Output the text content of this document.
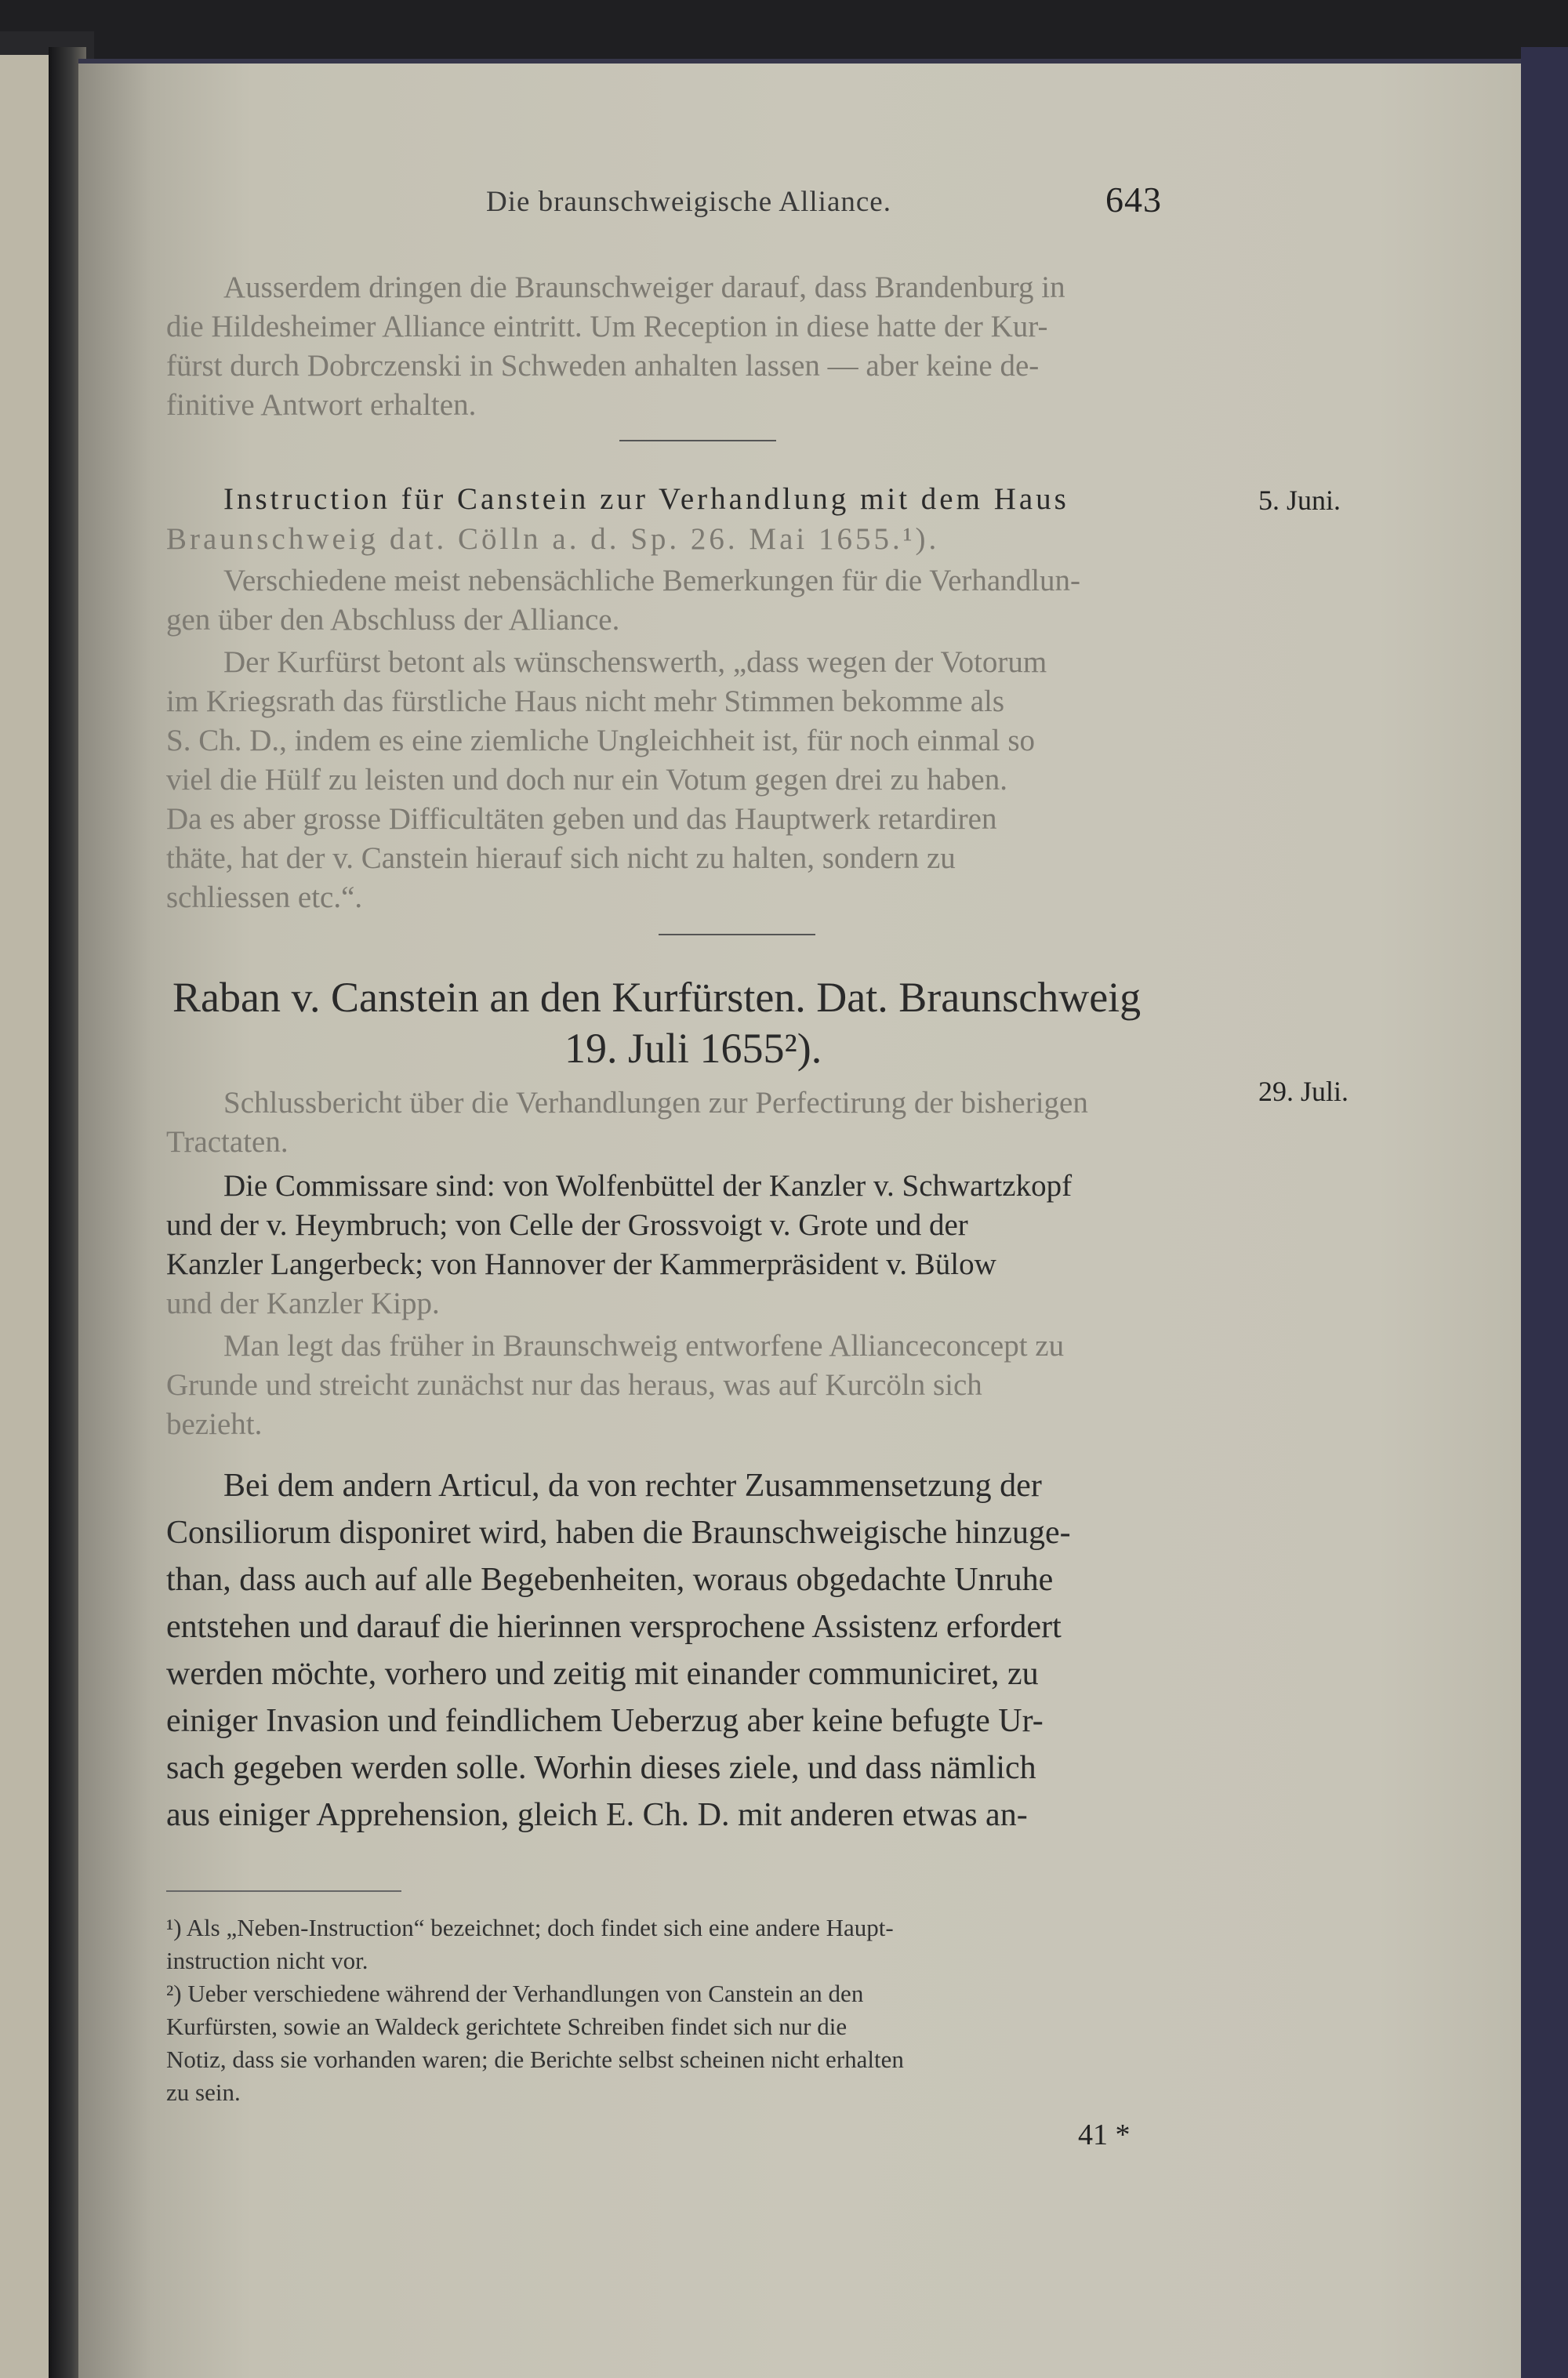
Die braunschweigische Alliance.	643
Ausserdem dringen die Braunschweiger darauf, dass Brandenburg in
die Hildesheimer Alliance eintritt. Um Reception in diese hatte der Kur-
fürst durch Dobrczenski in Schweden anhalten lassen — aber keine de-
finitive Antwort erhalten.
5. Juni.
Instruction für Canstein zur Verhandlung mit dem Haus
Braunschweig dat. Cölln a. d. Sp. 26. Mai 1655.¹).
Verschiedene meist nebensächliche Bemerkungen für die Verhandlun-
gen über den Abschluss der Alliance.
Der Kurfürst betont als wünschenswerth, „dass wegen der Votorum
im Kriegsrath das fürstliche Haus nicht mehr Stimmen bekomme als
S. Ch. D., indem es eine ziemliche Ungleichheit ist, für noch einmal so
viel die Hülf zu leisten und doch nur ein Votum gegen drei zu haben.
Da es aber grosse Difficultäten geben und das Hauptwerk retardiren
thäte, hat der v. Canstein hierauf sich nicht zu halten, sondern zu
schliessen etc.“.
Raban v. Canstein an den Kurfürsten. Dat. Braunschweig
19. Juli 1655²).
29. Juli.
Schlussbericht über die Verhandlungen zur Perfectirung der bisherigen
Tractaten.
Die Commissare sind: von Wolfenbüttel der Kanzler v. Schwartzkopf
und der v. Heymbruch; von Celle der Grossvoigt v. Grote und der
Kanzler Langerbeck; von Hannover der Kammerpräsident v. Bülow
und der Kanzler Kipp.
Man legt das früher in Braunschweig entworfene Allianceconcept zu
Grunde und streicht zunächst nur das heraus, was auf Kurcöln sich
bezieht.
Bei dem andern Articul, da von rechter Zusammensetzung der
Consiliorum disponiret wird, haben die Braunschweigische hinzuge-
than, dass auch auf alle Begebenheiten, woraus obgedachte Unruhe
entstehen und darauf die hierinnen versprochene Assistenz erfordert
werden möchte, vorhero und zeitig mit einander communiciret, zu
einiger Invasion und feindlichem Ueberzug aber keine befugte Ur-
sach gegeben werden solle. Worhin dieses ziele, und dass nämlich
aus einiger Apprehension, gleich E. Ch. D. mit anderen etwas an-
¹) Als „Neben-Instruction“ bezeichnet; doch findet sich eine andere Haupt-
instruction nicht vor.
²) Ueber verschiedene während der Verhandlungen von Canstein an den
Kurfürsten, sowie an Waldeck gerichtete Schreiben findet sich nur die
Notiz, dass sie vorhanden waren; die Berichte selbst scheinen nicht erhalten
zu sein.
41 *
